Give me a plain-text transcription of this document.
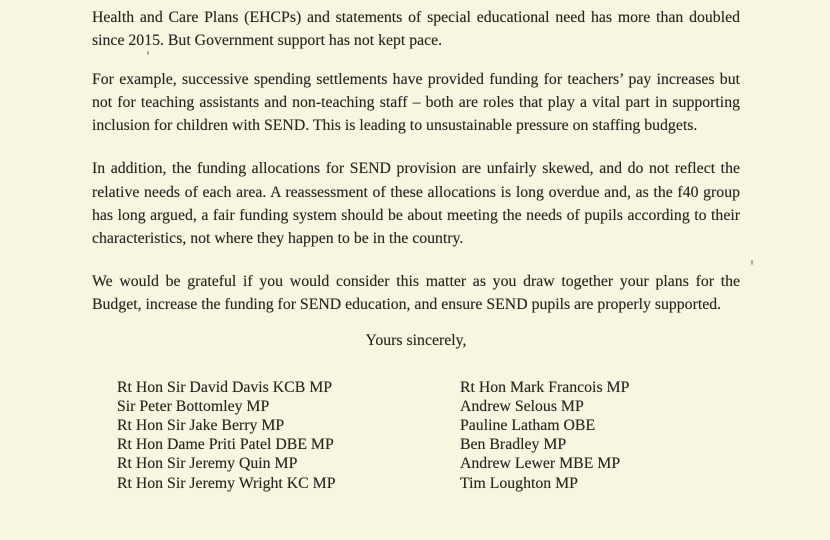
Health and Care Plans (EHCPs) and statements of special educational need has more than doubled since 2015. But Government support has not kept pace.

For example, successive spending settlements have provided funding for teachers’ pay increases but not for teaching assistants and non-teaching staff – both are roles that play a vital part in supporting inclusion for children with SEND. This is leading to unsustainable pressure on staffing budgets.

In addition, the funding allocations for SEND provision are unfairly skewed, and do not reflect the relative needs of each area. A reassessment of these allocations is long overdue and, as the f40 group has long argued, a fair funding system should be about meeting the needs of pupils according to their characteristics, not where they happen to be in the country.

We would be grateful if you would consider this matter as you draw together your plans for the Budget, increase the funding for SEND education, and ensure SEND pupils are properly supported.

Yours sincerely,

Rt Hon Sir David Davis KCB MP	Rt Hon Mark Francois MP
Sir Peter Bottomley MP	Andrew Selous MP
Rt Hon Sir Jake Berry MP	Pauline Latham OBE
Rt Hon Dame Priti Patel DBE MP	Ben Bradley MP
Rt Hon Sir Jeremy Quin MP	Andrew Lewer MBE MP
Rt Hon Sir Jeremy Wright KC MP	Tim Loughton MP
